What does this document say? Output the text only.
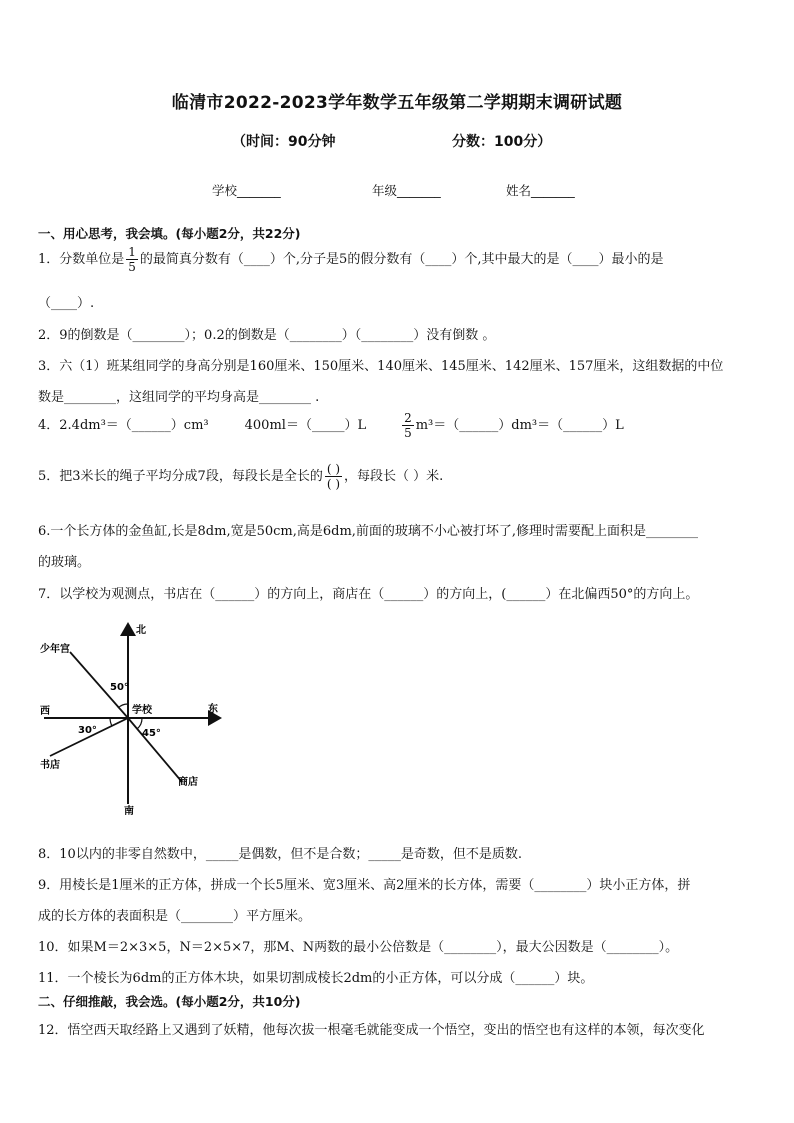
临清市2022-2023学年数学五年级第二学期期末调研试题
（时间：90分钟	分数：100分）
学校_______	年级_______	姓名_______
一、用心思考，我会填。(每小题2分，共22分)
1．分数单位是 $\frac{1}{5}$ 的最简真分数有（____）个,分子是5的假分数有（____）个,其中最大的是（____）最小的是
（____）.
2．9的倒数是（________）；0.2的倒数是（________）（________）没有倒数 。
3．六（1）班某组同学的身高分别是160厘米、150厘米、140厘米、145厘米、142厘米、157厘米，这组数据的中位
数是________，这组同学的平均身高是________ .
4．2.4dm³＝（______）cm³	400ml＝（_____）L	$\frac{2}{5}$ m³＝（______）dm³＝（______）L
5．把3米长的绳子平均分成7段，每段长是全长的 $\frac{( )}{( )}$ ，每段长（ ）米.
6.一个长方体的金鱼缸,长是8dm,宽是50cm,高是6dm,前面的玻璃不小心被打坏了,修理时需要配上面积是________
的玻璃。
7．以学校为观测点，书店在（______）的方向上，商店在（______）的方向上，(______）在北偏西50°的方向上。
北
南
东
西	学校
少年宫
书店
商店
50°
30°	45°
8．10以内的非零自然数中，_____是偶数，但不是合数；_____是奇数，但不是质数.
9．用棱长是1厘米的正方体，拼成一个长5厘米、宽3厘米、高2厘米的长方体，需要（________）块小正方体，拼
成的长方体的表面积是（________）平方厘米。
10．如果M＝2×3×5，N＝2×5×7，那M、N两数的最小公倍数是（________），最大公因数是（________）。
11．一个棱长为6dm的正方体木块，如果切割成棱长2dm的小正方体，可以分成（______）块。
二、仔细推敲，我会选。(每小题2分，共10分)
12．悟空西天取经路上又遇到了妖精，他每次拔一根毫毛就能变成一个悟空，变出的悟空也有这样的本领，每次变化
